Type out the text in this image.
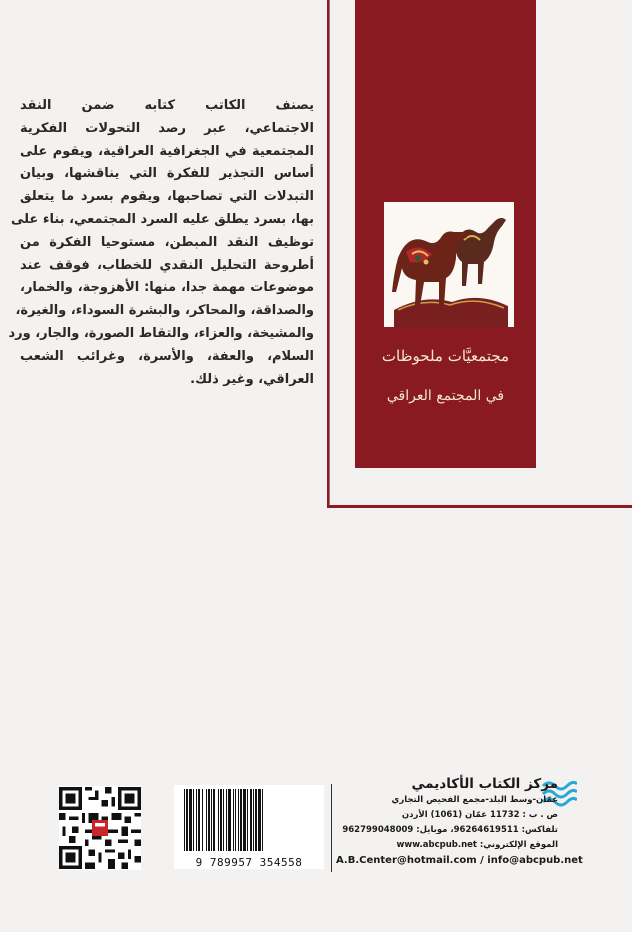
مجتمعيَّات ملحوظات
في المجتمع العراقي
يصنف الكاتب كتابه ضمن النقد
الاجتماعي، عبر رصد التحولات الفكرية
المجتمعية في الجغرافية العراقية، ويقوم على
أساس التجذير للفكرة التي يناقشها، وبيان
التبدلات التي تصاحبها، ويقوم بسرد ما يتعلق
بها، بسرد يطلق عليه السرد المجتمعي، بناء على
توظيف النقد المبطن، مستوحيا الفكرة من
أطروحة التحليل النقدي للخطاب، فوقف عند
موضوعات مهمة جدا، منها: الأهزوجة، والخمار،
والصداقة، والمحاكر، والبشرة السوداء، والغيرة،
والمشيخة، والعزاء، والتقاط الصورة، والجار، ورد
السلام، والعفة، والأسرة، وغرائب الشعب
العراقي، وغير ذلك.
9 789957 354558
مركز الكتاب الأكاديمي
عمّان-وسط البلد-مجمع الفحيص التجاري
ص . ب : 11732 عمّان (1061) الأردن
تلفاكس: 96264619511، موبايل: 962799048009
الموقع الإلكتروني: www.abcpub.net
A.B.Center@hotmail.com / info@abcpub.net
